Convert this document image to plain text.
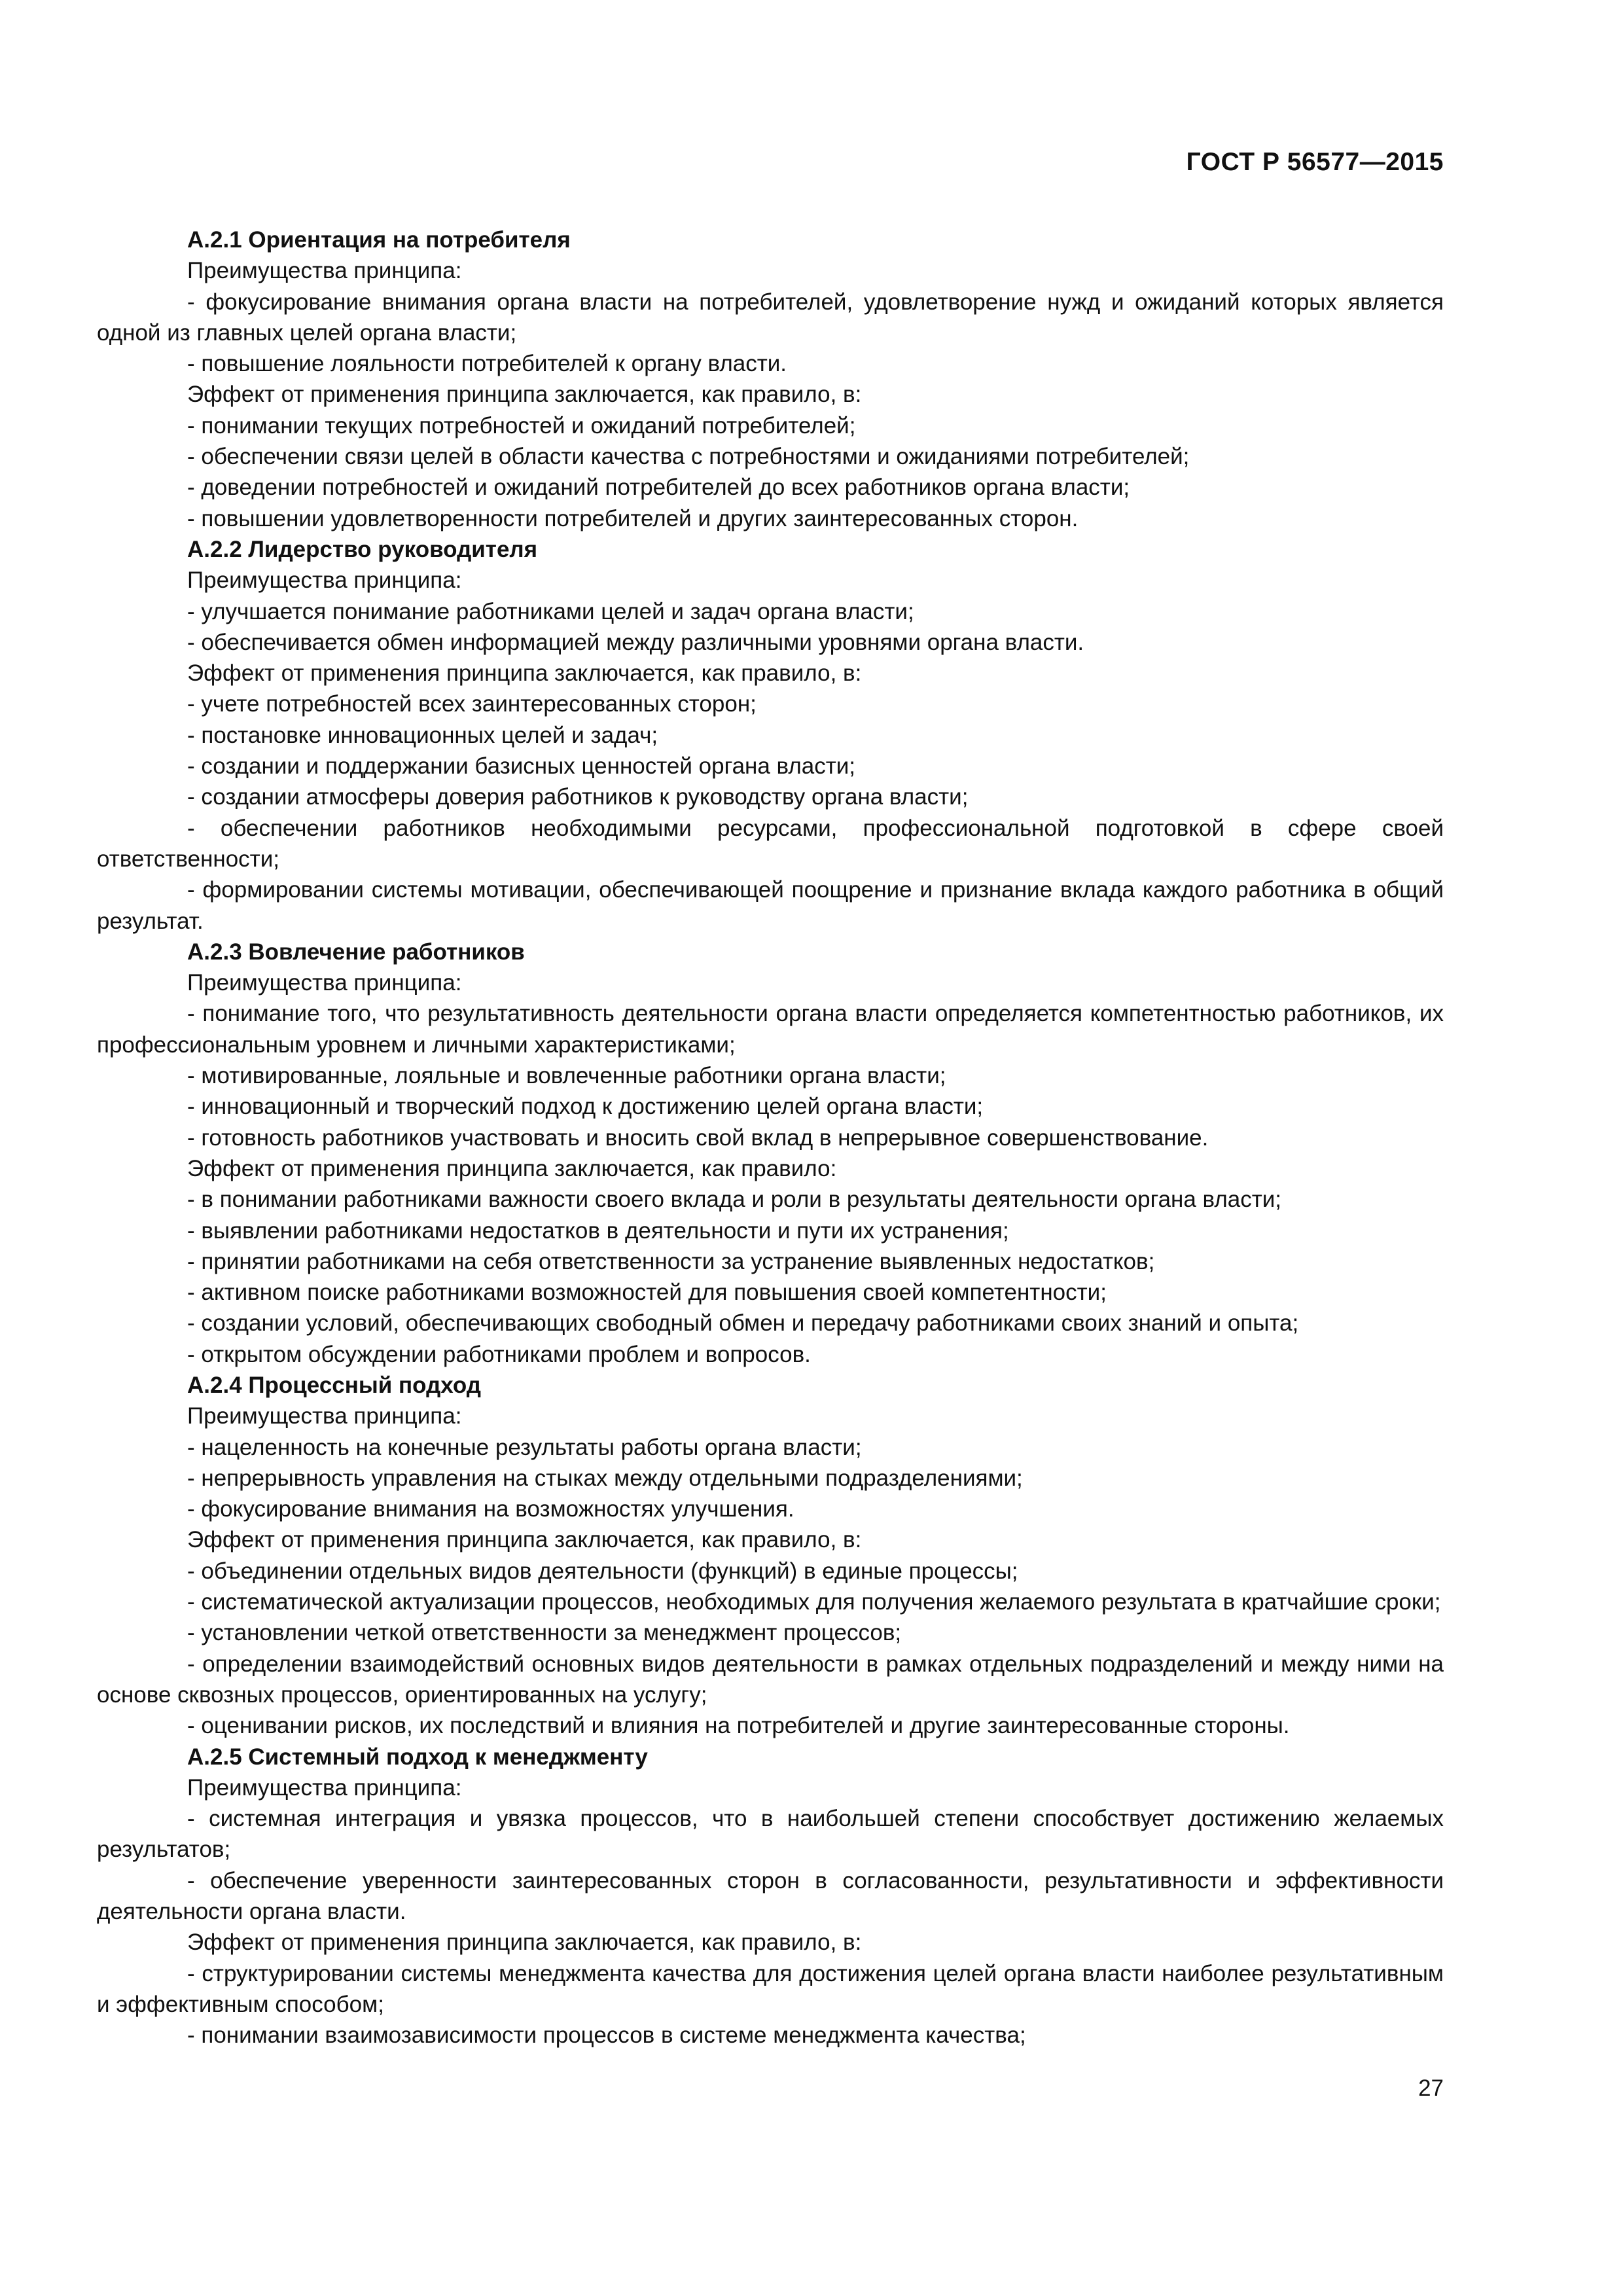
ГОСТ Р 56577—2015

А.2.1 Ориентация на потребителя

Преимущества принципа:

- фокусирование внимания органа власти на потребителей, удовлетворение нужд и ожиданий которых является одной из главных целей органа власти;

- повышение лояльности потребителей к органу власти.

Эффект от применения принципа заключается, как правило, в:

- понимании текущих потребностей и ожиданий потребителей;

- обеспечении связи целей в области качества с потребностями и ожиданиями потребителей;

- доведении потребностей и ожиданий потребителей до всех работников органа власти;

- повышении удовлетворенности потребителей и других заинтересованных сторон.

А.2.2 Лидерство руководителя

Преимущества принципа:

- улучшается понимание работниками целей и задач органа власти;

- обеспечивается обмен информацией между различными уровнями органа власти.

Эффект от применения принципа заключается, как правило, в:

- учете потребностей всех заинтересованных сторон;

- постановке инновационных целей и задач;

- создании и поддержании базисных ценностей органа власти;

- создании атмосферы доверия работников к руководству органа власти;

- обеспечении работников необходимыми ресурсами, профессиональной подготовкой в сфере своей ответственности;

- формировании системы мотивации, обеспечивающей поощрение и признание вклада каждого работника в общий результат.

А.2.3 Вовлечение работников

Преимущества принципа:

- понимание того, что результативность деятельности органа власти определяется компетентностью работников, их профессиональным уровнем и личными характеристиками;

- мотивированные, лояльные и вовлеченные работники органа власти;

- инновационный и творческий подход к достижению целей органа власти;

- готовность работников участвовать и вносить свой вклад в непрерывное совершенствование.

Эффект от применения принципа заключается, как правило:

- в понимании работниками важности своего вклада и роли в результаты деятельности органа власти;

- выявлении работниками недостатков в деятельности и пути их устранения;

- принятии работниками на себя ответственности за устранение выявленных недостатков;

- активном поиске работниками возможностей для повышения своей компетентности;

- создании условий, обеспечивающих свободный обмен и передачу работниками своих знаний и опыта;

- открытом обсуждении работниками проблем и вопросов.

А.2.4 Процессный подход

Преимущества принципа:

- нацеленность на конечные результаты работы органа власти;

- непрерывность управления на стыках между отдельными подразделениями;

- фокусирование внимания на возможностях улучшения.

Эффект от применения принципа заключается, как правило, в:

- объединении отдельных видов деятельности (функций) в единые процессы;

- систематической актуализации процессов, необходимых для получения желаемого результата в кратчайшие сроки;

- установлении четкой ответственности за менеджмент процессов;

- определении взаимодействий основных видов деятельности в рамках отдельных подразделений и между ними на основе сквозных процессов, ориентированных на услугу;

- оценивании рисков, их последствий и влияния на потребителей и другие заинтересованные стороны.

А.2.5 Системный подход к менеджменту

Преимущества принципа:

- системная интеграция и увязка процессов, что в наибольшей степени способствует достижению желаемых результатов;

- обеспечение уверенности заинтересованных сторон в согласованности, результативности и эффективности деятельности органа власти.

Эффект от применения принципа заключается, как правило, в:

- структурировании системы менеджмента качества для достижения целей органа власти наиболее результативным и эффективным способом;

- понимании взаимозависимости процессов в системе менеджмента качества;

27
